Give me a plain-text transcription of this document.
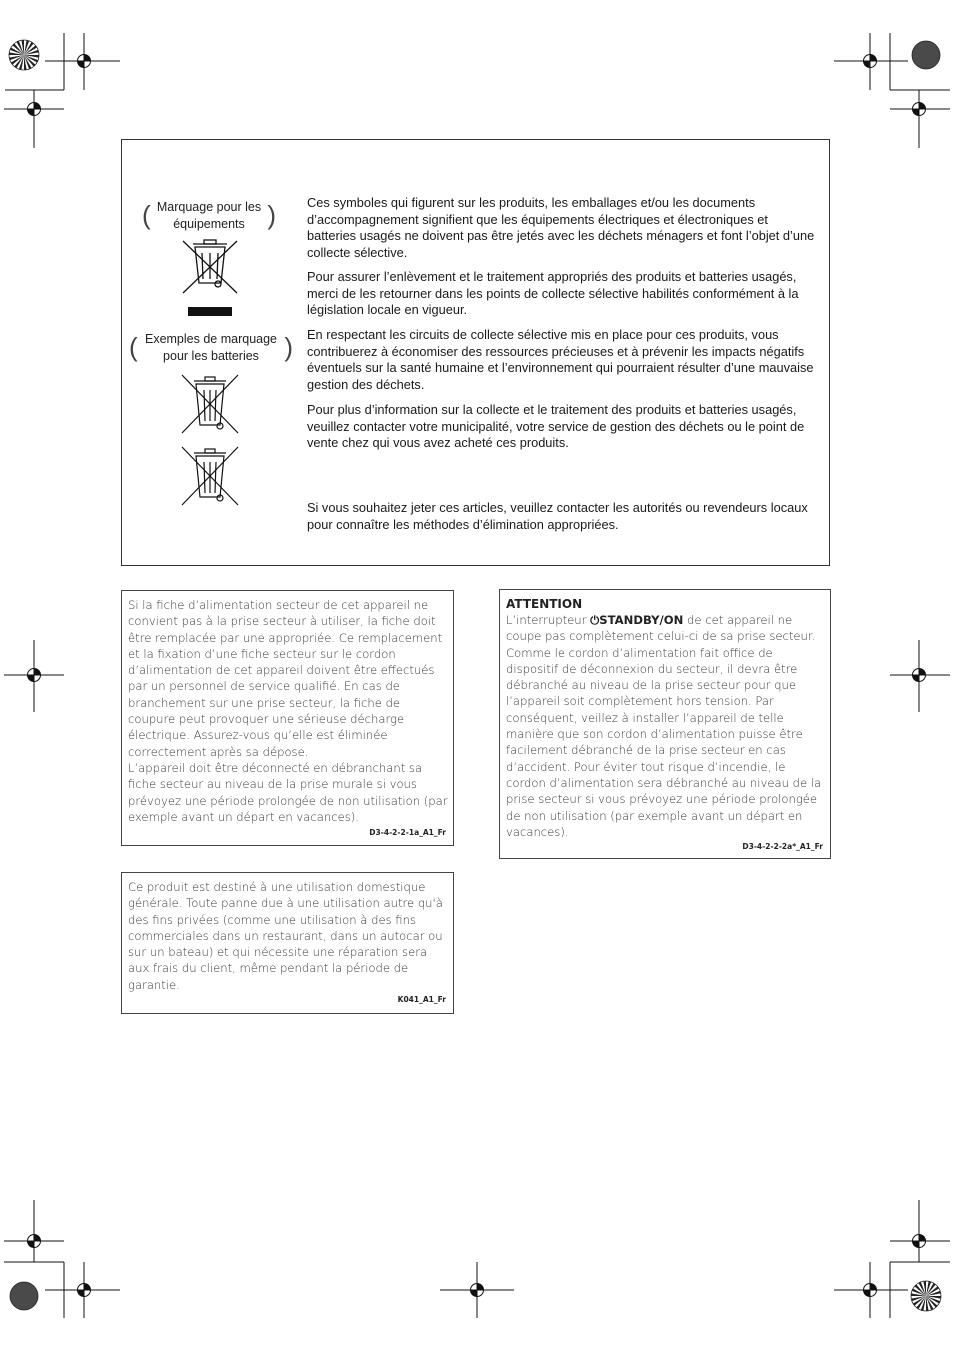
(	)
Marquage pour les
équipements
(	)
Exemples de marquage
pour les batteries

Ces symboles qui figurent sur les produits, les emballages et/ou les documents d’accompagnement signifient que les équipements électriques et électroniques et batteries usagés ne doivent pas être jetés avec les déchets ménagers et font l’objet d’une collecte sélective.

Pour assurer l’enlèvement et le traitement appropriés des produits et batteries usagés, merci de les retourner dans les points de collecte sélective habilités conformément à la législation locale en vigueur.

En respectant les circuits de collecte sélective mis en place pour ces produits, vous contribuerez à économiser des ressources précieuses et à prévenir les impacts négatifs éventuels sur la santé humaine et l’environnement qui pourraient résulter d’une mauvaise gestion des déchets.

Pour plus d’information sur la collecte et le traitement des produits et batteries usagés, veuillez contacter votre municipalité, votre service de gestion des déchets ou le point de vente chez qui vous avez acheté ces produits.

Si vous souhaitez jeter ces articles, veuillez contacter les autorités ou revendeurs locaux pour connaître les méthodes d’élimination appropriées.

Si la fiche d’alimentation secteur de cet appareil ne convient pas à la prise secteur à utiliser, la fiche doit être remplacée par une appropriée. Ce remplacement et la fixation d’une fiche secteur sur le cordon d’alimentation de cet appareil doivent être effectués par un personnel de service qualifié. En cas de branchement sur une prise secteur, la fiche de coupure peut provoquer une sérieuse décharge électrique. Assurez-vous qu’elle est éliminée correctement après sa dépose.

L’appareil doit être déconnecté en débranchant sa fiche secteur au niveau de la prise murale si vous prévoyez une période prolongée de non utilisation (par exemple avant un départ en vacances).

D3-4-2-2-1a_A1_Fr

ATTENTION

L’interrupteur ⏻STANDBY/ON de cet appareil ne coupe pas complètement celui-ci de sa prise secteur. Comme le cordon d’alimentation fait office de dispositif de déconnexion du secteur, il devra être débranché au niveau de la prise secteur pour que l’appareil soit complètement hors tension. Par conséquent, veillez à installer l’appareil de telle manière que son cordon d’alimentation puisse être facilement débranché de la prise secteur en cas d’accident. Pour éviter tout risque d’incendie, le cordon d’alimentation sera débranché au niveau de la prise secteur si vous prévoyez une période prolongée de non utilisation (par exemple avant un départ en vacances).

D3-4-2-2-2a*_A1_Fr

Ce produit est destiné à une utilisation domestique générale. Toute panne due à une utilisation autre qu'à des fins privées (comme une utilisation à des fins commerciales dans un restaurant, dans un autocar ou sur un bateau) et qui nécessite une réparation sera aux frais du client, même pendant la période de garantie.

K041_A1_Fr
